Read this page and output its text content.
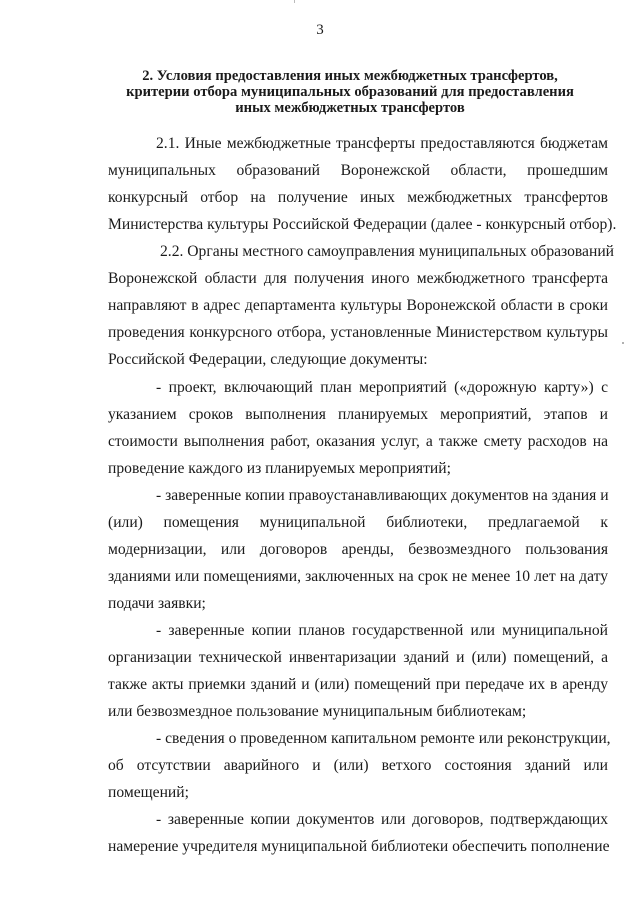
3
2. Условия предоставления иных межбюджетных трансфертов,
критерии отбора муниципальных образований для предоставления
иных межбюджетных трансфертов
2.1. Иные межбюджетные трансферты предоставляются бюджетам
муниципальных образований Воронежской области, прошедшим
конкурсный отбор на получение иных межбюджетных трансфертов
Министерства культуры Российской Федерации (далее - конкурсный отбор).
2.2. Органы местного самоуправления муниципальных образований
Воронежской области для получения иного межбюджетного трансферта
направляют в адрес департамента культуры Воронежской области в сроки
проведения конкурсного отбора, установленные Министерством культуры
Российской Федерации, следующие документы:
- проект, включающий план мероприятий («дорожную карту») с
указанием сроков выполнения планируемых мероприятий, этапов и
стоимости выполнения работ, оказания услуг, а также смету расходов на
проведение каждого из планируемых мероприятий;
- заверенные копии правоустанавливающих документов на здания и
(или) помещения муниципальной библиотеки, предлагаемой к
модернизации, или договоров аренды, безвозмездного пользования
зданиями или помещениями, заключенных на срок не менее 10 лет на дату
подачи заявки;
- заверенные копии планов государственной или муниципальной
организации технической инвентаризации зданий и (или) помещений, а
также акты приемки зданий и (или) помещений при передаче их в аренду
или безвозмездное пользование муниципальным библиотекам;
- сведения о проведенном капитальном ремонте или реконструкции,
об отсутствии аварийного и (или) ветхого состояния зданий или
помещений;
- заверенные копии документов или договоров, подтверждающих
намерение учредителя муниципальной библиотеки обеспечить пополнение
